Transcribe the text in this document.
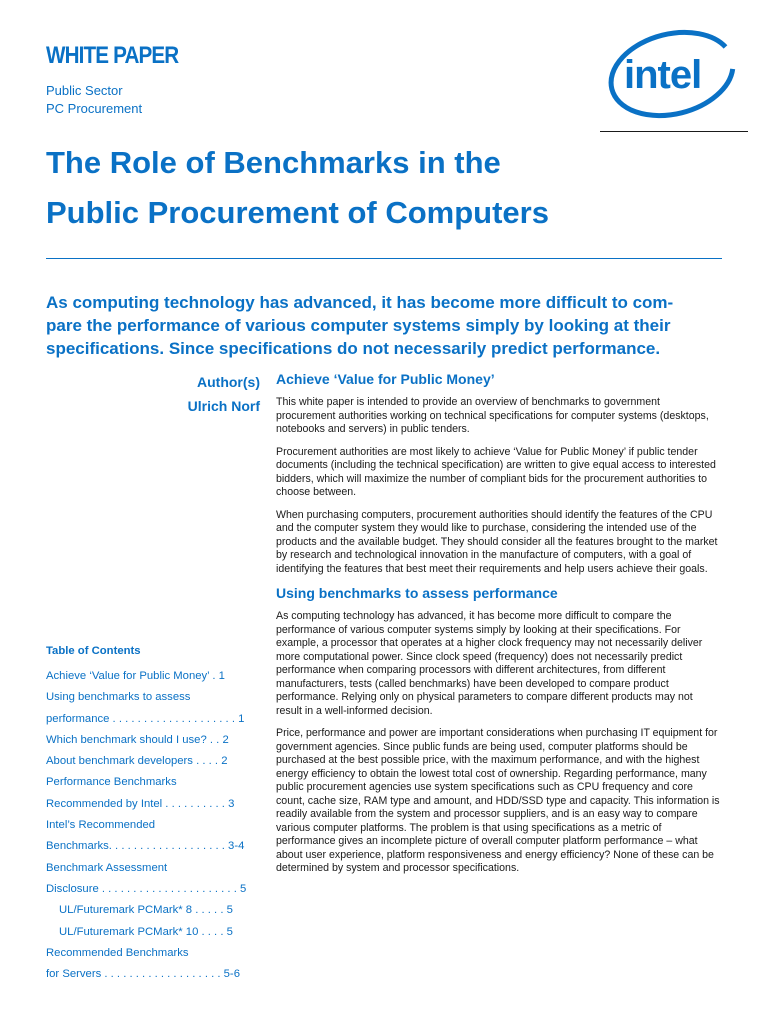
WHITE PAPER
Public Sector
PC Procurement
intel
The Role of Benchmarks in the
Public Procurement of Computers
As computing technology has advanced, it has become more difficult to com-
pare the performance of various computer systems simply by looking at their
specifications. Since specifications do not necessarily predict performance.
Author(s)
Ulrich Norf
Table of Contents
Achieve ‘Value for Public Money’ . 1
Using benchmarks to assess
performance . . . . . . . . . . . . . . . . . . . . 1
Which benchmark should I use? . . 2
About benchmark developers . . . . 2
Performance Benchmarks
Recommended by Intel . . . . . . . . . . 3
Intel’s Recommended
Benchmarks. . . . . . . . . . . . . . . . . . . 3-4
Benchmark Assessment
Disclosure . . . . . . . . . . . . . . . . . . . . . . 5
UL/Futuremark PCMark* 8 . . . . . 5
UL/Futuremark PCMark* 10 . . . . 5
Recommended Benchmarks
for Servers . . . . . . . . . . . . . . . . . . . 5-6
Achieve ‘Value for Public Money’

This white paper is intended to provide an overview of benchmarks to government procurement authorities working on technical specifications for computer systems (desktops, notebooks and servers) in public tenders.

Procurement authorities are most likely to achieve ‘Value for Public Money’ if public tender documents (including the technical specification) are written to give equal access to interested bidders, which will maximize the number of compliant bids for the procurement authorities to choose between.

When purchasing computers, procurement authorities should identify the features of the CPU and the computer system they would like to purchase, considering the intended use of the products and the available budget. They should consider all the features brought to the market by research and technological innovation in the manufacture of computers, with a goal of identifying the features that best meet their requirements and help users achieve their goals.

Using benchmarks to assess performance

As computing technology has advanced, it has become more difficult to compare the performance of various computer systems simply by looking at their specifications. For example, a processor that operates at a higher clock frequency may not necessarily deliver more computational power. Since clock speed (frequency) does not necessarily predict performance when comparing processors with different architectures, from different manufacturers, tests (called benchmarks) have been developed to compare product performance. Relying only on physical parameters to compare different products may not result in a well-informed decision.

Price, performance and power are important considerations when purchasing IT equipment for government agencies. Since public funds are being used, computer platforms should be purchased at the best possible price, with the maximum performance, and with the highest energy efficiency to obtain the lowest total cost of ownership. Regarding performance, many public procurement agencies use system specifications such as CPU frequency and core count, cache size, RAM type and amount, and HDD/SSD type and capacity. This information is readily available from the system and processor suppliers, and is an easy way to compare various computer platforms. The problem is that using specifications as a metric of performance gives an incomplete picture of overall computer platform performance – what about user experience, platform responsiveness and energy efficiency? None of these can be determined by system and processor specifications.
